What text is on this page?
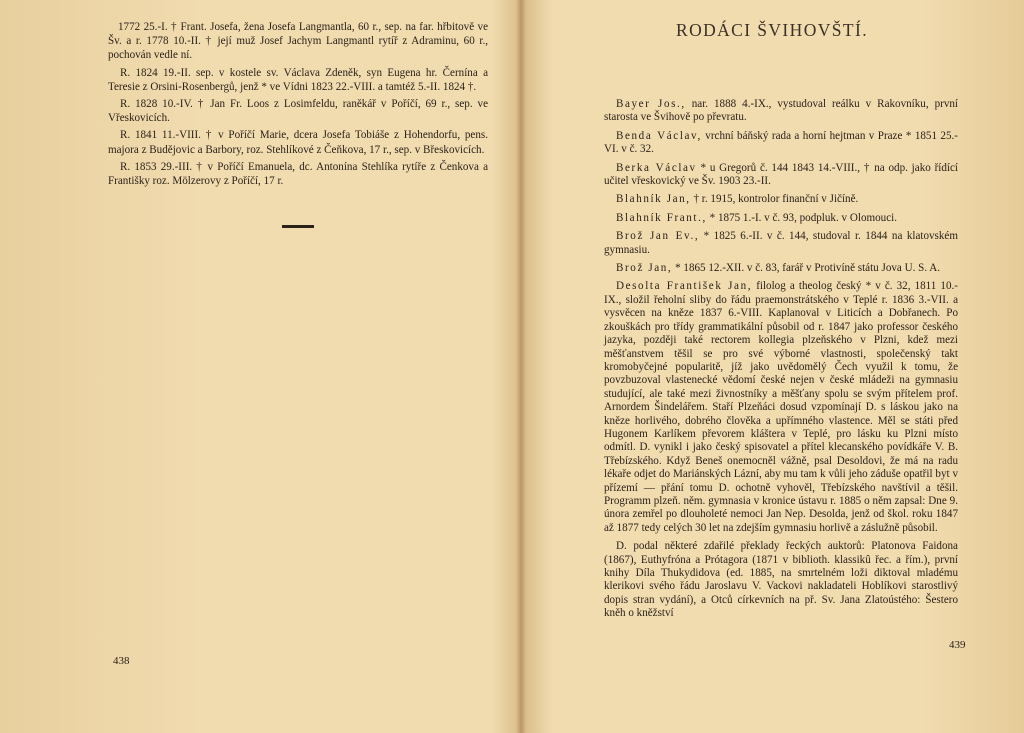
1772 25.-I. † Frant. Josefa, žena Josefa Langmantla, 60 r., sep. na far. hřbitově ve Šv. a r. 1778 10.-II. † její muž Josef Jachym Langmantl rytíř z Adraminu, 60 r., pochován vedle ní.

R. 1824 19.-II. sep. v kostele sv. Václava Zdeněk, syn Eugena hr. Černína a Teresie z Orsini-Rosenbergů, jenž * ve Vídni 1823 22.-VIII. a tamtéž 5.-II. 1824 †.

R. 1828 10.-IV. † Jan Fr. Loos z Losimfeldu, raněkář v Poříčí, 69 r., sep. ve Vřeskovicích.

R. 1841 11.-VIII. † v Poříčí Marie, dcera Josefa Tobiáše z Hohendorfu, pens. majora z Budějovic a Barbory, roz. Stehlíkové z Čeňkova, 17 r., sep. v Břeskovicích.

R. 1853 29.-III. † v Poříčí Emanuela, dc. Antonína Stehlíka rytíře z Čenkova a Františky roz. Mölzerovy z Poříčí, 17 r.

438
RODÁCI ŠVIHOVŠTÍ.

Bayer Jos., nar. 1888 4.-IX., vystudoval reálku v Rakovníku, první starosta ve Švihově po převratu.

Benda Václav, vrchní báňský rada a horní hejtman v Praze * 1851 25.-VI. v č. 32.

Berka Václav * u Gregorů č. 144 1843 14.-VIII., † na odp. jako řídící učitel vřeskovický ve Šv. 1903 23.-II.

Blahník Jan, † r. 1915, kontrolor finanční v Jičíně.

Blahník Frant., * 1875 1.-I. v č. 93, podpluk. v Olomouci.

Brož Jan Ev., * 1825 6.-II. v č. 144, studoval r. 1844 na klatovském gymnasiu.

Brož Jan, * 1865 12.-XII. v č. 83, farář v Protivíně státu Jova U. S. A.

Desolta František Jan, filolog a theolog český * v č. 32, 1811 10.-IX., složil řeholní sliby do řádu praemonstrátského v Teplé r. 1836 3.-VII. a vysvěcen na kněze 1837 6.-VIII. Kaplanoval v Liticích a Dobřanech. Po zkouškách pro třídy grammatikální působil od r. 1847 jako professor českého jazyka, později také rectorem kollegia plzeňského v Plzni, kdež mezi měšťanstvem těšil se pro své výborné vlastnosti, společenský takt kromobyčejné popularitě, jíž jako uvědomělý Čech využil k tomu, že povzbuzoval vlastenecké vědomí české nejen v české mládeži na gymnasiu studující, ale také mezi živnostníky a měšťany spolu se svým přítelem prof. Arnordem Šindelářem. Staří Plzeňáci dosud vzpomínají D. s láskou jako na kněze horlivého, dobrého člověka a upřímného vlastence. Měl se státi před Hugonem Karlíkem převorem kláštera v Teplé, pro lásku ku Plzni místo odmítl. D. vynikl i jako český spisovatel a přítel klecanského povídkáře V. B. Třebízského. Když Beneš onemocněl vážně, psal Desoldovi, že má na radu lékaře odjet do Mariánských Lázní, aby mu tam k vůli jeho záduše opatřil byt v přízemí — přání tomu D. ochotně vyhověl, Třebízského navštívil a těšil. Programm plzeň. něm. gymnasia v kronice ústavu r. 1885 o něm zapsal: Dne 9. února zemřel po dlouholeté nemoci Jan Nep. Desolda, jenž od škol. roku 1847 až 1877 tedy celých 30 let na zdejším gymnasiu horlivě a záslužně působil.

D. podal některé zdařilé překlady řeckých auktorů: Platonova Faidona (1867), Euthyfróna a Prótagora (1871 v biblioth. klassikû řec. a řím.), první knihy Díla Thukydidova (ed. 1885, na smrtelném loži diktoval mladému klerikovi svého řádu Jaroslavu V. Vackovi nakladateli Hoblíkovi starostlivý dopis stran vydání), a Otců církevních na př. Sv. Jana Zlatoústého: Šestero kněh o kněžství

439
